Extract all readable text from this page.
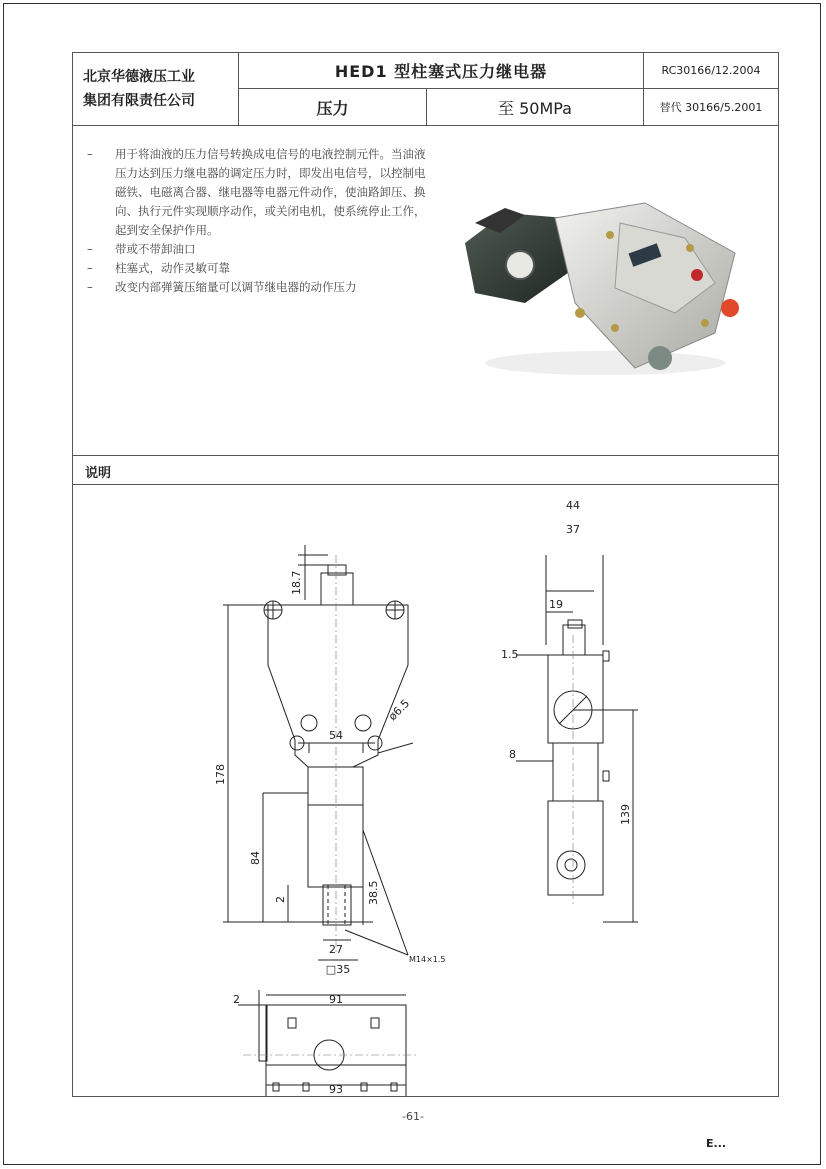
北京华德液压工业
集团有限责任公司
HED1 型柱塞式压力继电器	RC30166/12.2004
压力	至 50MPa	替代 30166/5.2001
– 用于将油液的压力信号转换成电信号的电液控制元件。当油液压力达到压力继电器的调定压力时，即发出电信号，以控制电磁铁、电磁离合器、继电器等电器元件动作，使油路卸压、换向、执行元件实现顺序动作，或关闭电机，使系统停止工作，起到安全保护作用。
– 带或不带卸油口
– 柱塞式，动作灵敏可靠
– 改变内部弹簧压缩量可以调节继电器的动作压力
说明
44
37
19
1.5
8
139
18.7
54
ø6.5
178
84
2	38.5
27
□35
M14×1.5
2	91
93
-61-
E...
